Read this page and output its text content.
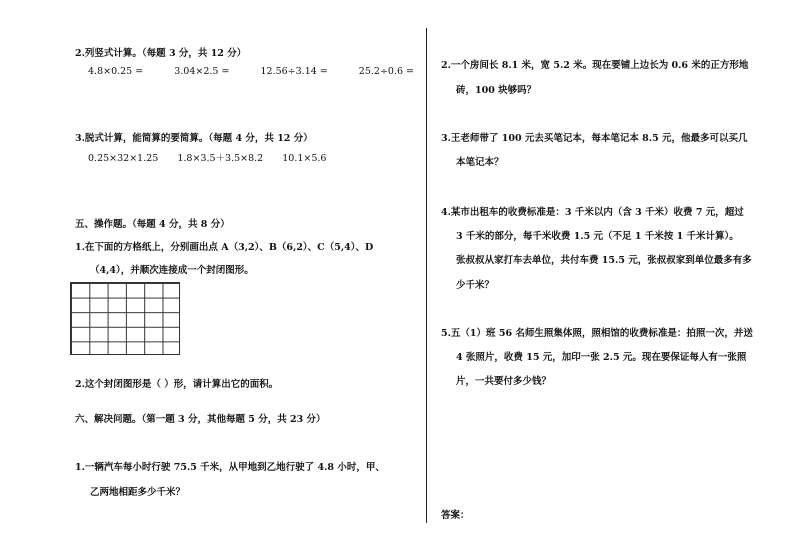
2.列竖式计算。（每题 3 分，共 12 分）
4.8×0.25 =	3.04×2.5 =	12.56÷3.14 =	25.2÷0.6 =
3.脱式计算，能简算的要简算。（每题 4 分，共 12 分）
0.25×32×1.25 1.8×3.5＋3.5×8.2 10.1×5.6
五、操作题。（每题 4 分，共 8 分）
1.在下面的方格纸上，分别画出点 A（3,2）、B（6,2）、C（5,4）、D
（4,4），并顺次连接成一个封闭图形。
2.这个封闭图形是（ ）形，请计算出它的面积。
六、解决问题。（第一题 3 分，其他每题 5 分，共 23 分）
1.一辆汽车每小时行驶 75.5 千米，从甲地到乙地行驶了 4.8 小时，甲、
乙两地相距多少千米？
2.一个房间长 8.1 米，宽 5.2 米。现在要铺上边长为 0.6 米的正方形地
砖，100 块够吗？
3.王老师带了 100 元去买笔记本，每本笔记本 8.5 元，他最多可以买几
本笔记本？
4.某市出租车的收费标准是：3 千米以内（含 3 千米）收费 7 元，超过
3 千米的部分，每千米收费 1.5 元（不足 1 千米按 1 千米计算）。
张叔叔从家打车去单位，共付车费 15.5 元，张叔叔家到单位最多有多
少千米？
5.五（1）班 56 名师生照集体照，照相馆的收费标准是：拍照一次，并送
4 张照片，收费 15 元，加印一张 2.5 元。现在要保证每人有一张照
片，一共要付多少钱？
答案：
